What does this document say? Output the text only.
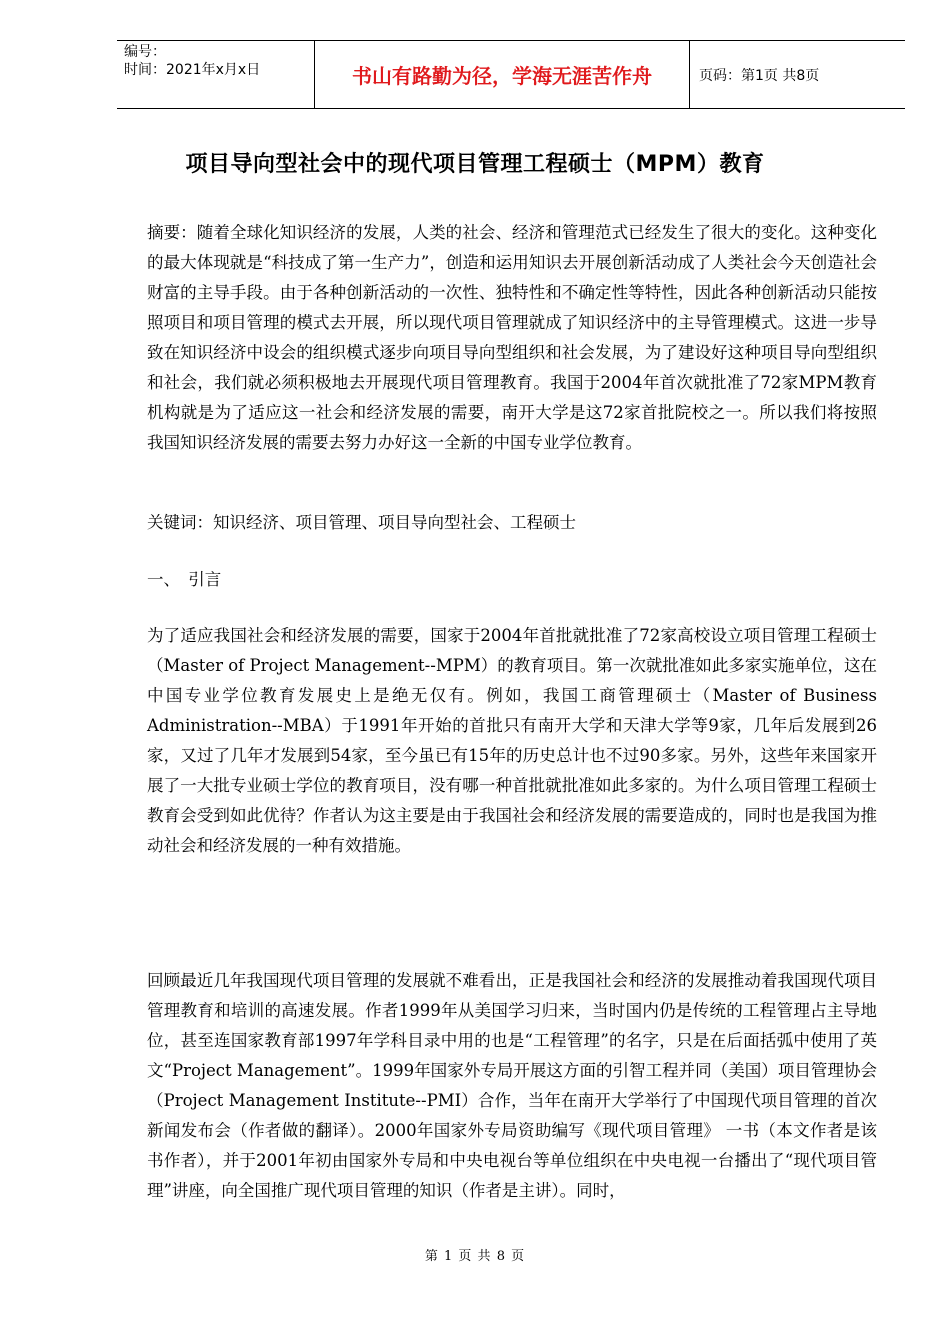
编号：
时间：2021年x月x日	书山有路勤为径，学海无涯苦作舟	页码：第1页 共8页
项目导向型社会中的现代项目管理工程硕士（MPM）教育
摘要：随着全球化知识经济的发展，人类的社会、经济和管理范式已经发生了很大的变化。这种变化的最大体现就是“科技成了第一生产力”，创造和运用知识去开展创新活动成了人类社会今天创造社会财富的主导手段。由于各种创新活动的一次性、独特性和不确定性等特性，因此各种创新活动只能按照项目和项目管理的模式去开展，所以现代项目管理就成了知识经济中的主导管理模式。这进一步导致在知识经济中设会的组织模式逐步向项目导向型组织和社会发展，为了建设好这种项目导向型组织和社会，我们就必须积极地去开展现代项目管理教育。我国于2004年首次就批准了72家MPM教育机构就是为了适应这一社会和经济发展的需要，南开大学是这72家首批院校之一。所以我们将按照我国知识经济发展的需要去努力办好这一全新的中国专业学位教育。
关键词：知识经济、项目管理、项目导向型社会、工程硕士
一、　引言
为了适应我国社会和经济发展的需要，国家于2004年首批就批准了72家高校设立项目管理工程硕士（Master of Project Management--MPM）的教育项目。第一次就批准如此多家实施单位，这在中国专业学位教育发展史上是绝无仅有。例如，我国工商管理硕士（Master of Business Administration--MBA）于1991年开始的首批只有南开大学和天津大学等9家，几年后发展到26家，又过了几年才发展到54家，至今虽已有15年的历史总计也不过90多家。另外，这些年来国家开展了一大批专业硕士学位的教育项目，没有哪一种首批就批准如此多家的。为什么项目管理工程硕士教育会受到如此优待？作者认为这主要是由于我国社会和经济发展的需要造成的，同时也是我国为推动社会和经济发展的一种有效措施。
回顾最近几年我国现代项目管理的发展就不难看出，正是我国社会和经济的发展推动着我国现代项目管理教育和培训的高速发展。作者1999年从美国学习归来，当时国内仍是传统的工程管理占主导地位，甚至连国家教育部1997年学科目录中用的也是“工程管理”的名字，只是在后面括弧中使用了英文“Project Management”。1999年国家外专局开展这方面的引智工程并同（美国）项目管理协会（Project Management Institute--PMI）合作，当年在南开大学举行了中国现代项目管理的首次新闻发布会（作者做的翻译）。2000年国家外专局资助编写《现代项目管理》 一书（本文作者是该书作者），并于2001年初由国家外专局和中央电视台等单位组织在中央电视一台播出了“现代项目管理”讲座，向全国推广现代项目管理的知识（作者是主讲）。同时，
第 1 页 共 8 页
